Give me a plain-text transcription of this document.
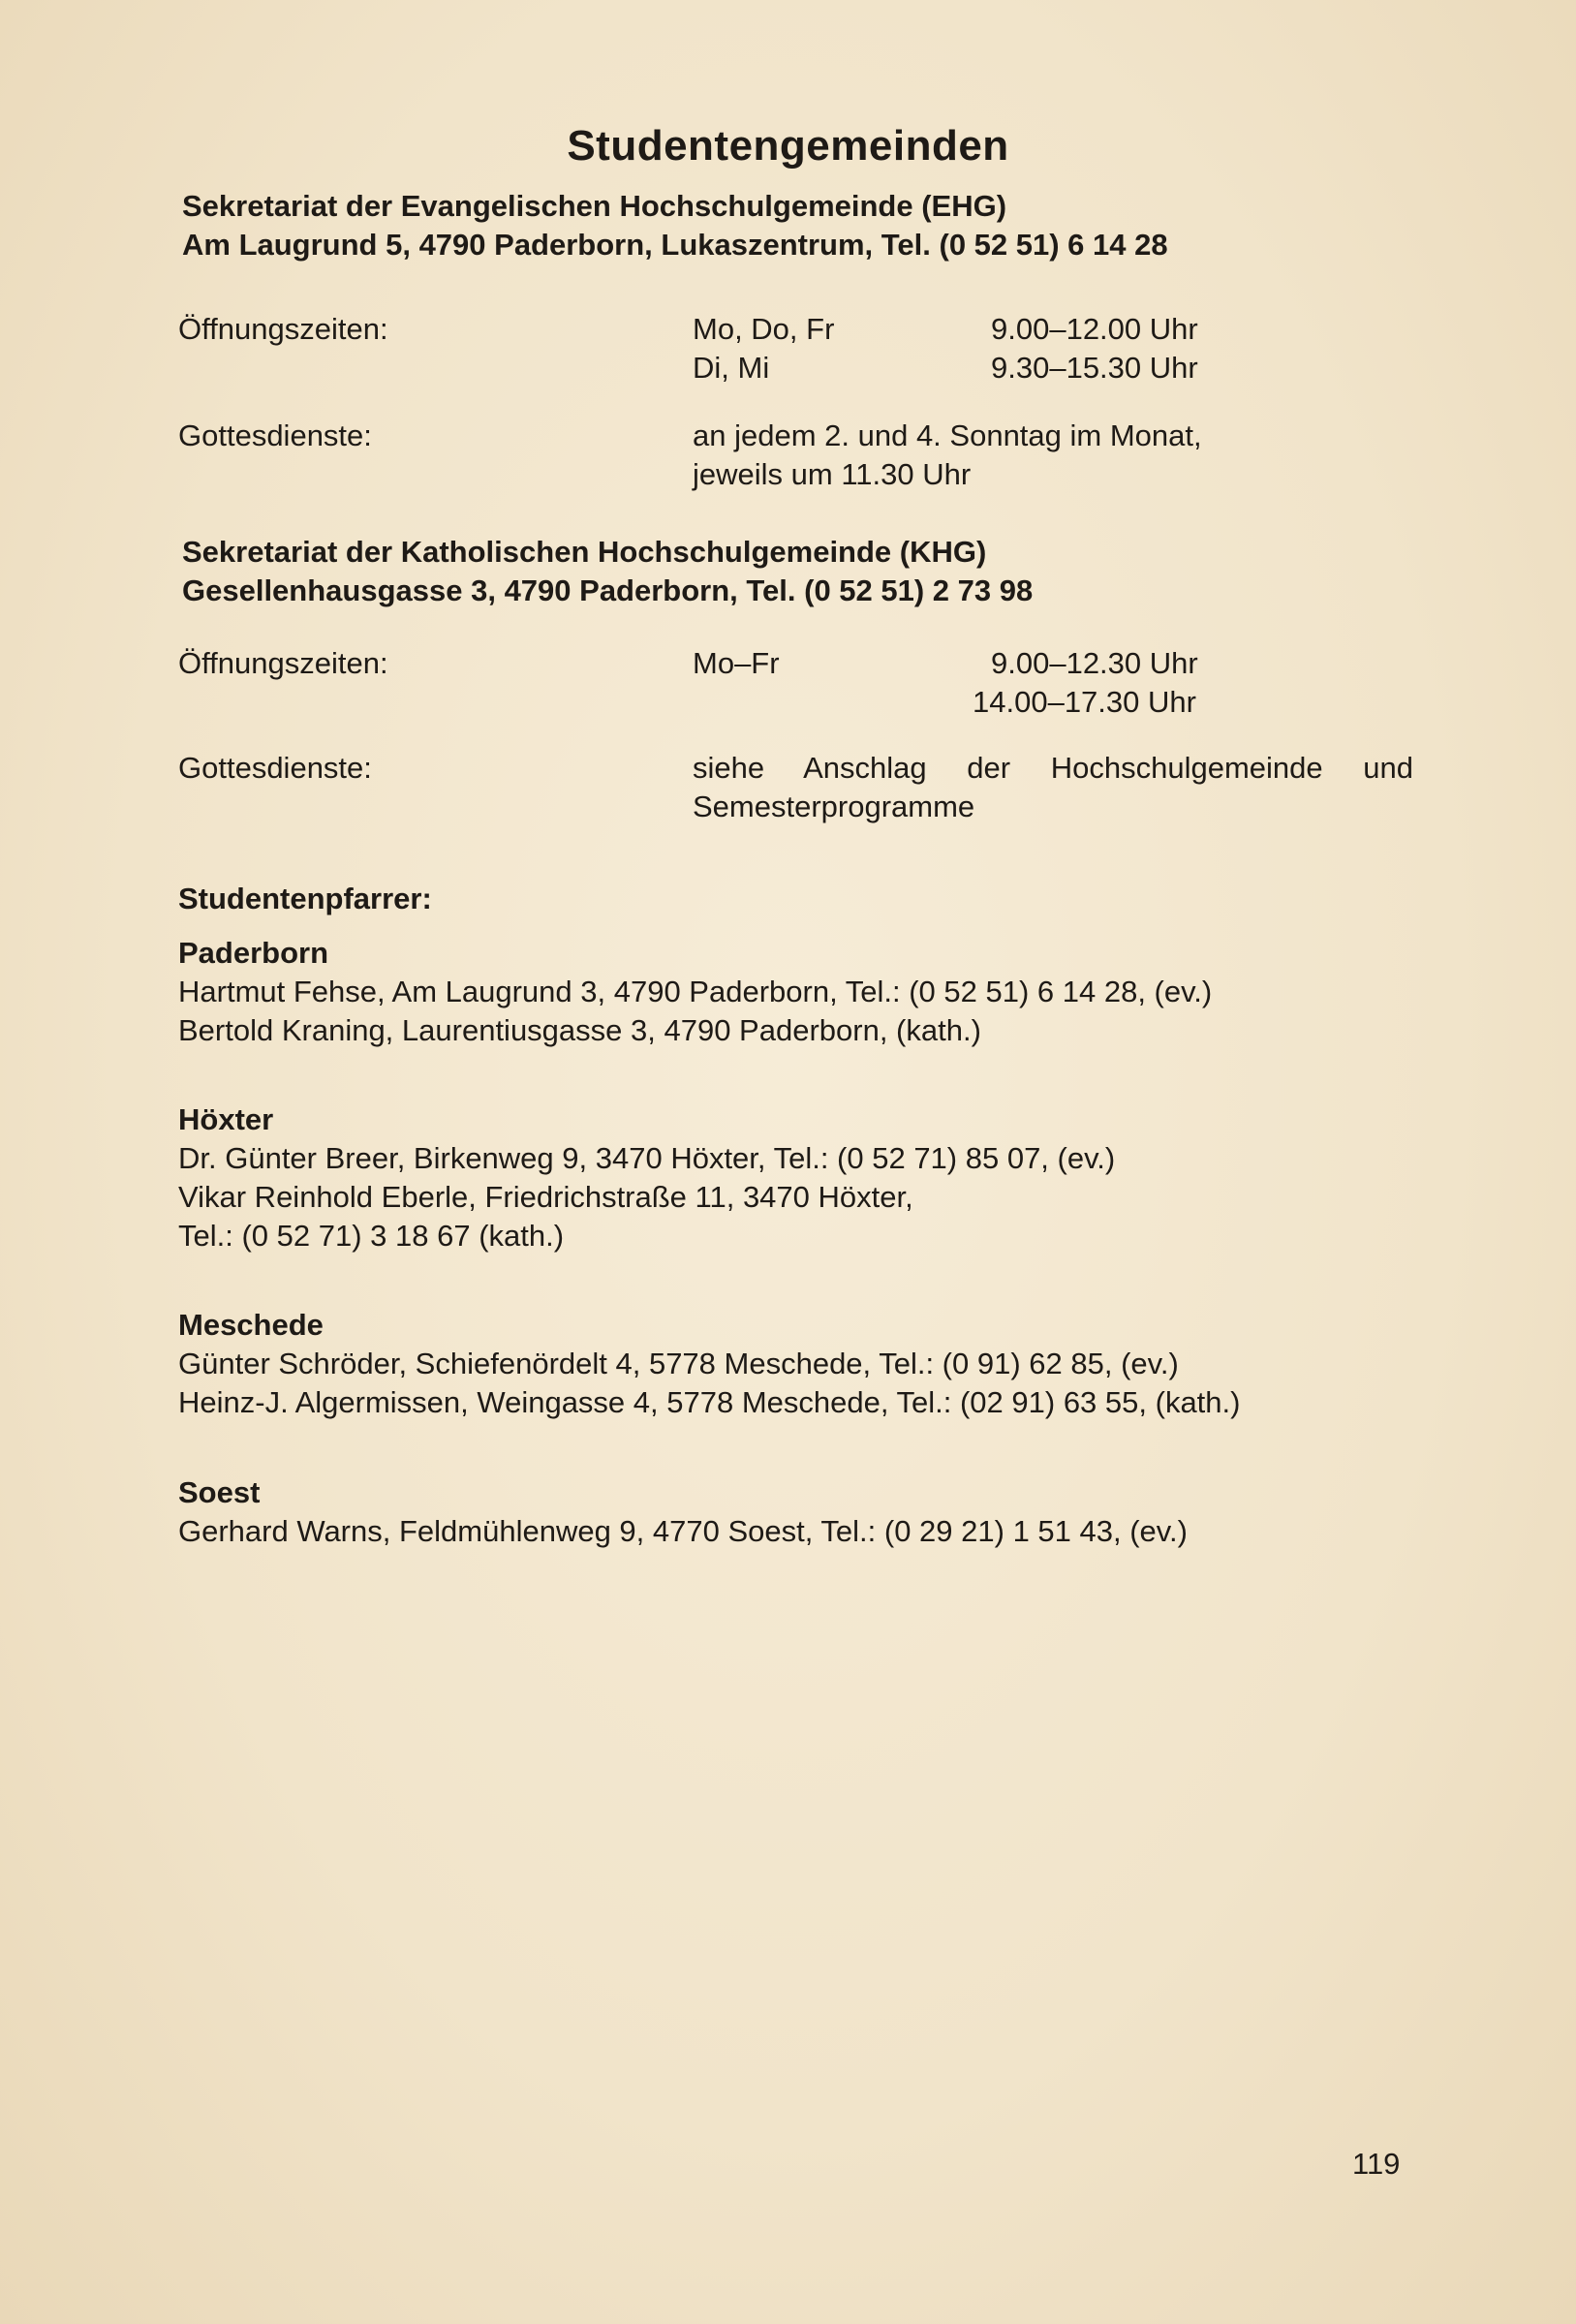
Studentengemeinden
Sekretariat der Evangelischen Hochschulgemeinde (EHG)
Am Laugrund 5, 4790 Paderborn, Lukaszentrum, Tel. (0 52 51) 6 14 28
Öffnungszeiten:	Mo, Do, Fr	9.00–12.00 Uhr
Di, Mi	9.30–15.30 Uhr
Gottesdienste:	an jedem 2. und 4. Sonntag im Monat,
jeweils um 11.30 Uhr
Sekretariat der Katholischen Hochschulgemeinde (KHG)
Gesellenhausgasse 3, 4790 Paderborn, Tel. (0 52 51) 2 73 98
Öffnungszeiten:	Mo–Fr	9.00–12.30 Uhr
14.00–17.30 Uhr
Gottesdienste:	siehe Anschlag der Hochschulgemeinde und
Semesterprogramme
Studentenpfarrer:
Paderborn
Hartmut Fehse, Am Laugrund 3, 4790 Paderborn, Tel.: (0 52 51) 6 14 28, (ev.)
Bertold Kraning, Laurentiusgasse 3, 4790 Paderborn, (kath.)
Höxter
Dr. Günter Breer, Birkenweg 9, 3470 Höxter, Tel.: (0 52 71) 85 07, (ev.)
Vikar Reinhold Eberle, Friedrichstraße 11, 3470 Höxter,
Tel.: (0 52 71) 3 18 67 (kath.)
Meschede
Günter Schröder, Schiefenördelt 4, 5778 Meschede, Tel.: (0 91) 62 85, (ev.)
Heinz-J. Algermissen, Weingasse 4, 5778 Meschede, Tel.: (02 91) 63 55, (kath.)
Soest
Gerhard Warns, Feldmühlenweg 9, 4770 Soest, Tel.: (0 29 21) 1 51 43, (ev.)
119
